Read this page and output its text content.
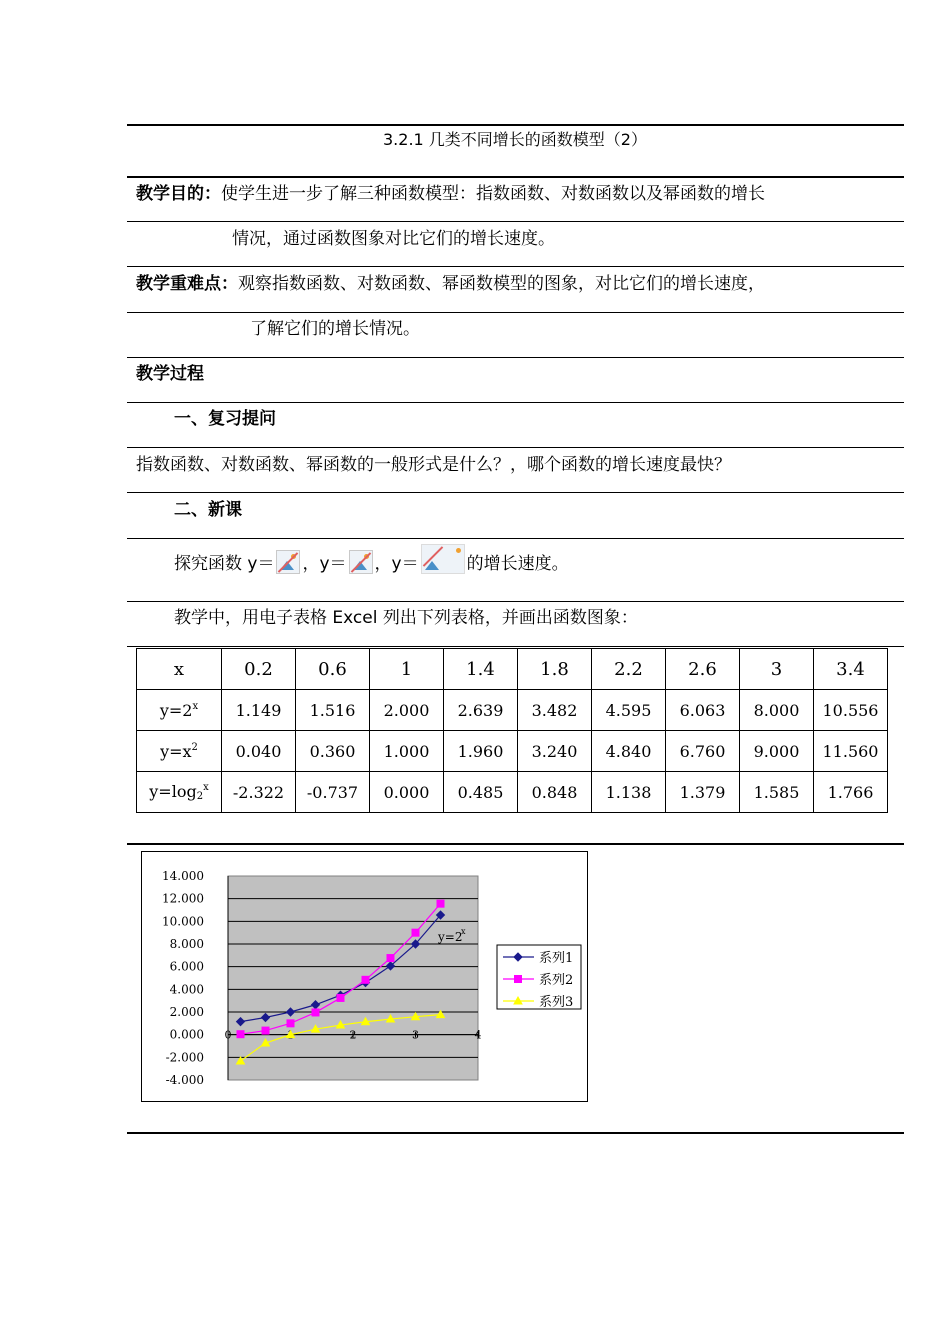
3.2.1 几类不同增长的函数模型（2）
教学目的：使学生进一步了解三种函数模型：指数函数、对数函数以及幂函数的增长
情况，通过函数图象对比它们的增长速度。
教学重难点：观察指数函数、对数函数、幂函数模型的图象，对比它们的增长速度，
了解它们的增长情况。
教学过程
一、复习提问
指数函数、对数函数、幂函数的一般形式是什么？，哪个函数的增长速度最快？
二、新课
探究函数 y＝ ，y＝ ，y＝	的增长速度。
教学中，用电子表格 Excel 列出下列表格，并画出函数图象：
x	0.2	0.6	1	1.4	1.8	2.2	2.6	3	3.4
$y=2^x$	1.149	1.516	2.000	2.639	3.482	4.595	6.063	8.000	10.556
$y=x^2$	0.040	0.360	1.000	1.960	3.240	4.840	6.760	9.000	11.560
$y=\log_2^x$	-2.322	-0.737	0.000	0.485	0.848	1.138	1.379	1.585	1.766
14.000
12.000
10.000
8.000
6.000
4.000
2.000
0.000
-2.000
-4.000
0	2	3	4
y=2
x
系列1
系列2
系列3
